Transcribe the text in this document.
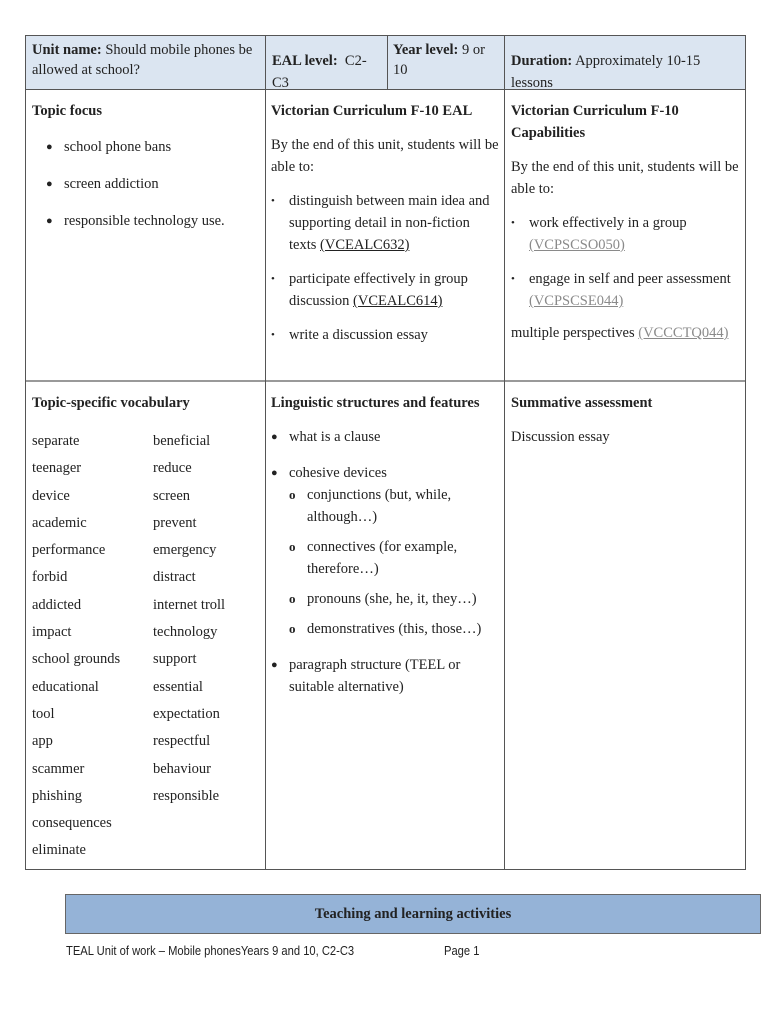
Unit name: Should mobile phones be allowed at school?
EAL level: C2-C3
Year level: 9 or 10
Duration: Approximately 10-15 lessons
Topic focus
● school phone bans
● screen addiction
● responsible technology use.
Victorian Curriculum F-10 EAL
By the end of this unit, students will be able to:
• distinguish between main idea and supporting detail in non-fiction texts (VCEALC632)
• participate effectively in group discussion (VCEALC614)
• write a discussion essay
Victorian Curriculum F-10 Capabilities
By the end of this unit, students will be able to:
• work effectively in a group (VCPSCSO050)
• engage in self and peer assessment (VCPSCSE044)
multiple perspectives (VCCCTQ044)
Topic-specific vocabulary
separate
teenager
device
academic
performance
forbid
addicted
impact
school grounds
educational
tool
app
scammer
phishing
consequences
eliminate
beneficial
reduce
screen
prevent
emergency
distract
internet troll
technology
support
essential
expectation
respectful
behaviour
responsible
Linguistic structures and features
● what is a clause
● cohesive devices
o conjunctions (but, while, although…)
o connectives (for example, therefore…)
o pronouns (she, he, it, they…)
o demonstratives (this, those…)
● paragraph structure (TEEL or suitable alternative)
Summative assessment
Discussion essay
Teaching and learning activities
TEAL Unit of work – Mobile phonesYears 9 and 10, C2-C3	Page 1
